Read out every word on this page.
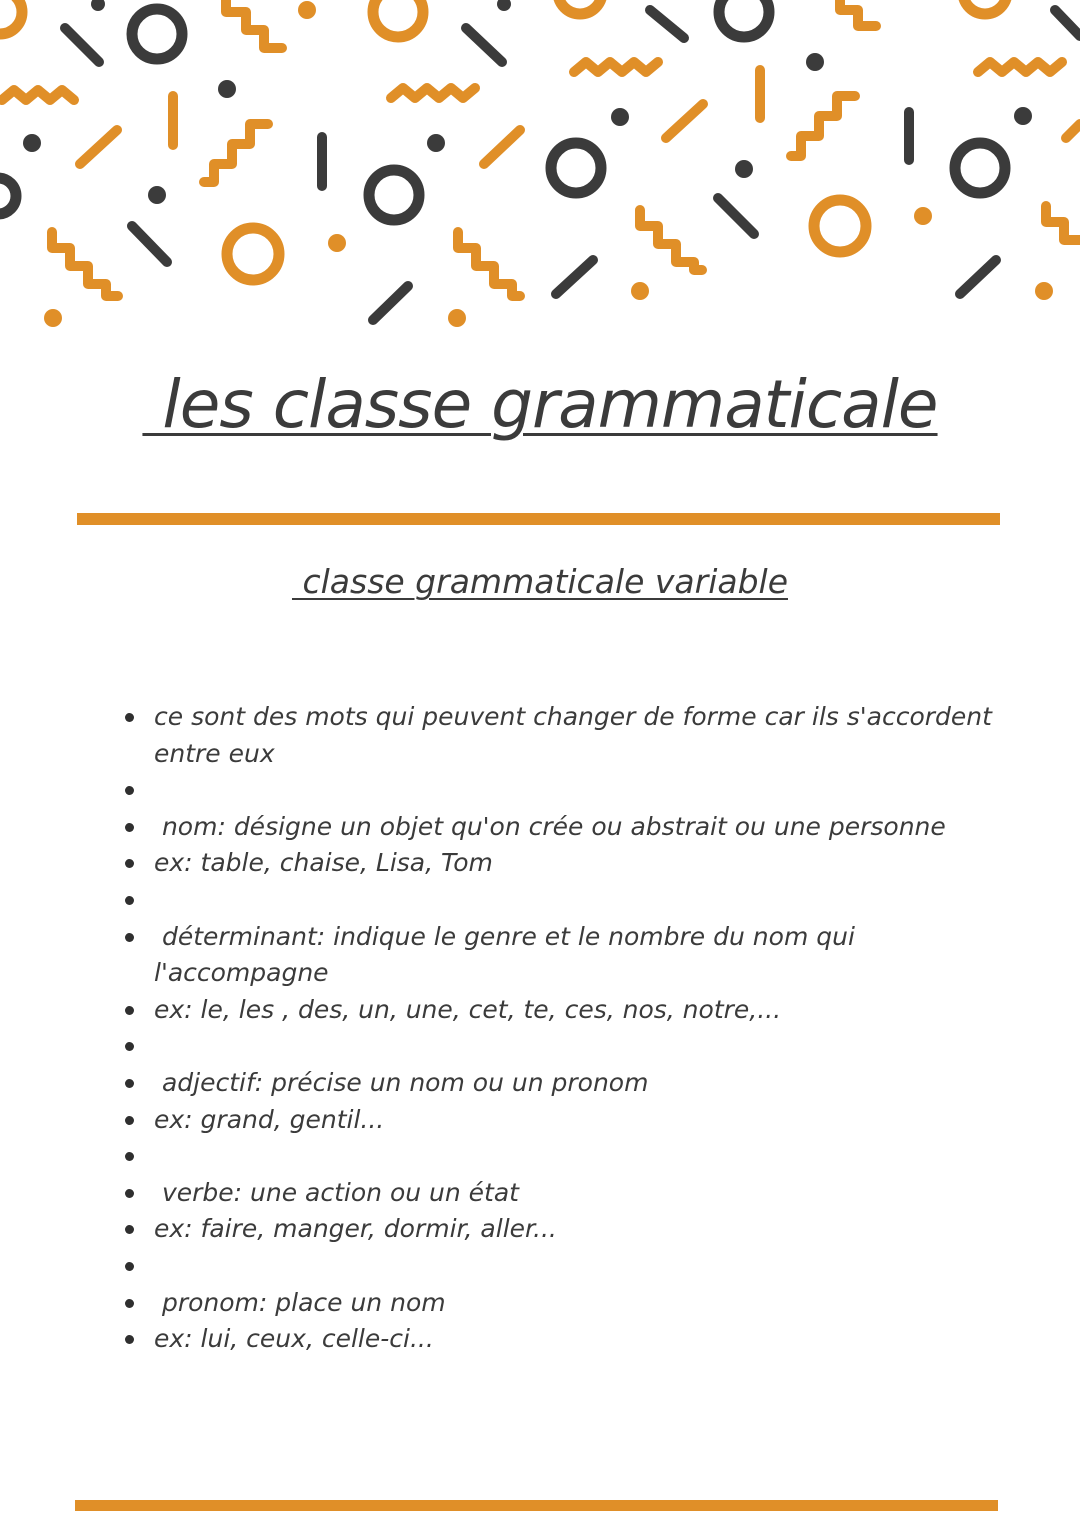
les classe grammaticale
classe grammaticale variable
ce sont des mots qui peuvent changer de forme car ils s'accordent entre eux
nom: désigne un objet qu'on crée ou abstrait ou une personne
ex: table, chaise, Lisa, Tom
déterminant: indique le genre et le nombre du nom qui l'accompagne
ex: le, les , des, un, une, cet, te, ces, nos, notre,...
adjectif: précise un nom ou un pronom
ex: grand, gentil...
verbe: une action ou un état
ex: faire, manger, dormir, aller...
pronom: place un nom
ex: lui, ceux, celle-ci...
